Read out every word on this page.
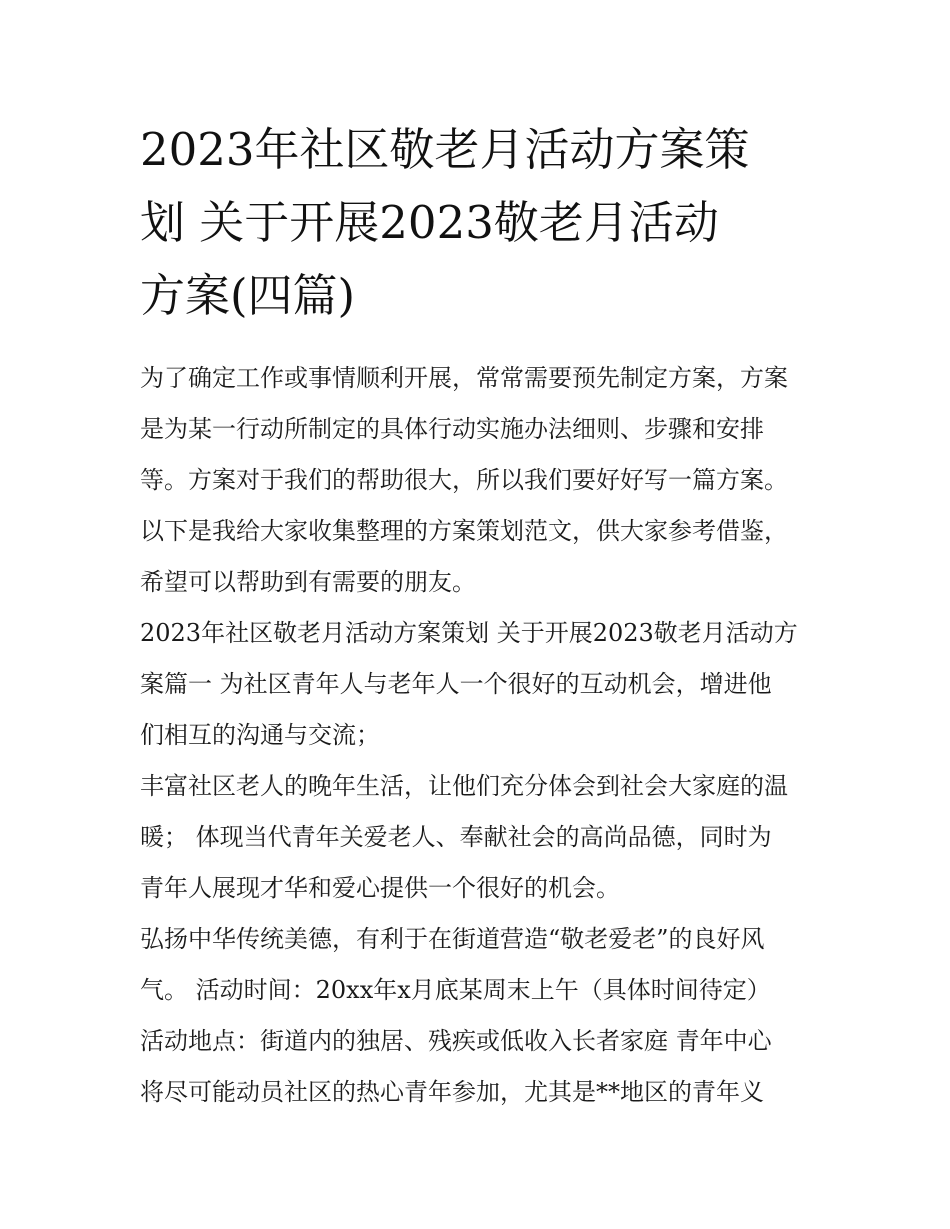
2023年社区敬老月活动方案策
划 关于开展2023敬老月活动
方案(四篇)
为了确定工作或事情顺利开展，常常需要预先制定方案，方案
是为某一行动所制定的具体行动实施办法细则、步骤和安排
等。方案对于我们的帮助很大，所以我们要好好写一篇方案。
以下是我给大家收集整理的方案策划范文，供大家参考借鉴，
希望可以帮助到有需要的朋友。
2023年社区敬老月活动方案策划 关于开展2023敬老月活动方
案篇一 为社区青年人与老年人一个很好的互动机会，增进他
们相互的沟通与交流；
丰富社区老人的晚年生活，让他们充分体会到社会大家庭的温
暖； 体现当代青年关爱老人、奉献社会的高尚品德，同时为
青年人展现才华和爱心提供一个很好的机会。
弘扬中华传统美德，有利于在街道营造“敬老爱老”的良好风
气。 活动时间：20xx年x月底某周末上午（具体时间待定）
活动地点：街道内的独居、残疾或低收入长者家庭 青年中心
将尽可能动员社区的热心青年参加，尤其是**地区的青年义
